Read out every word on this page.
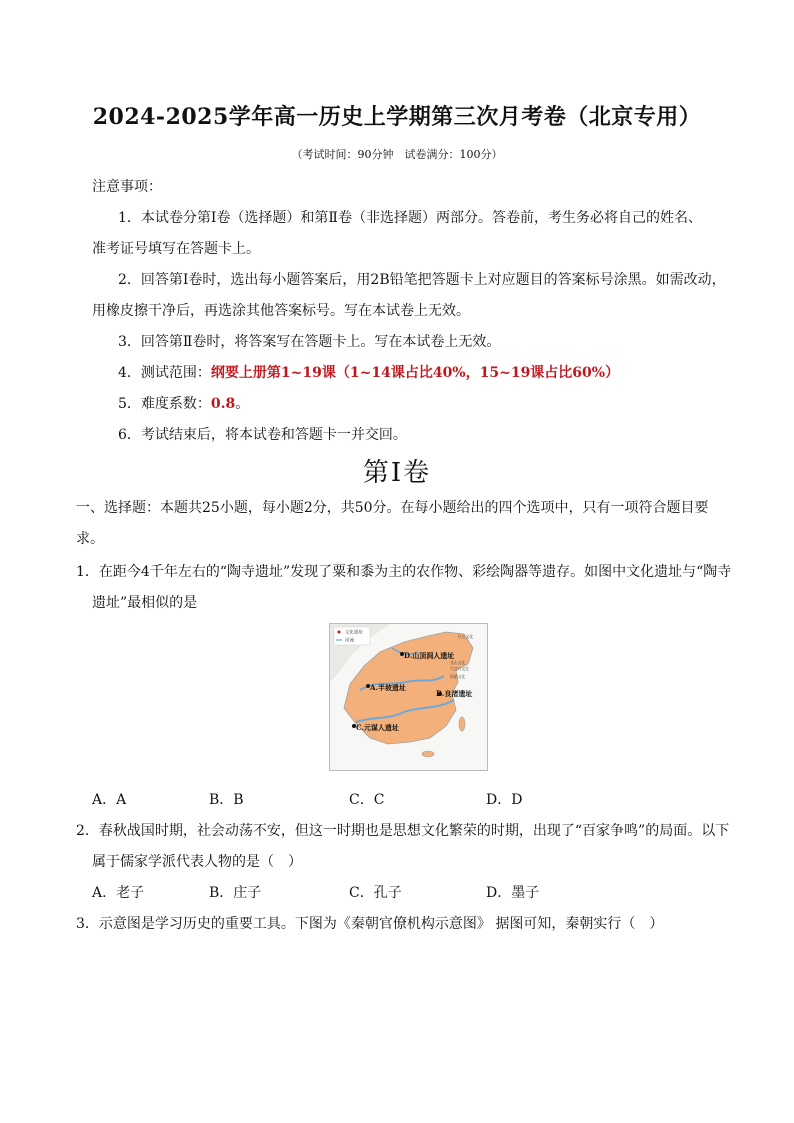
2024-2025学年高一历史上学期第三次月考卷（北京专用）
（考试时间：90分钟　试卷满分：100分）
注意事项：
1．本试卷分第Ⅰ卷（选择题）和第Ⅱ卷（非选择题）两部分。答卷前，考生务必将自己的姓名、
准考证号填写在答题卡上。
2．回答第Ⅰ卷时，选出每小题答案后，用2B铅笔把答题卡上对应题目的答案标号涂黑。如需改动，
用橡皮擦干净后，再选涂其他答案标号。写在本试卷上无效。
3．回答第Ⅱ卷时，将答案写在答题卡上。写在本试卷上无效。
4．测试范围：纲要上册第1~19课（1~14课占比40%，15~19课占比60%）
5．难度系数：0.8。
6．考试结束后，将本试卷和答题卡一并交回。
第Ⅰ卷
一、选择题：本题共25小题，每小题2分，共50分。在每小题给出的四个选项中，只有一项符合题目要
求。
1．在距今4千年左右的“陶寺遗址”发现了粟和黍为主的农作物、彩绘陶器等遗存。如图中文化遗址与“陶寺
遗址”最相似的是
文化遗址
河流
D.山顶洞人遗址
A.半坡遗址
B.良渚遗址
C.元谋人遗址
红山文化
龙山文化
大汶口文化
仰韶文化
A．A	B．B	C．C	D．D
2．春秋战国时期，社会动荡不安，但这一时期也是思想文化繁荣的时期，出现了“百家争鸣”的局面。以下
属于儒家学派代表人物的是（　）
A．老子	B．庄子	C．孔子	D．墨子
3．示意图是学习历史的重要工具。下图为《秦朝官僚机构示意图》 据图可知，秦朝实行（　）
